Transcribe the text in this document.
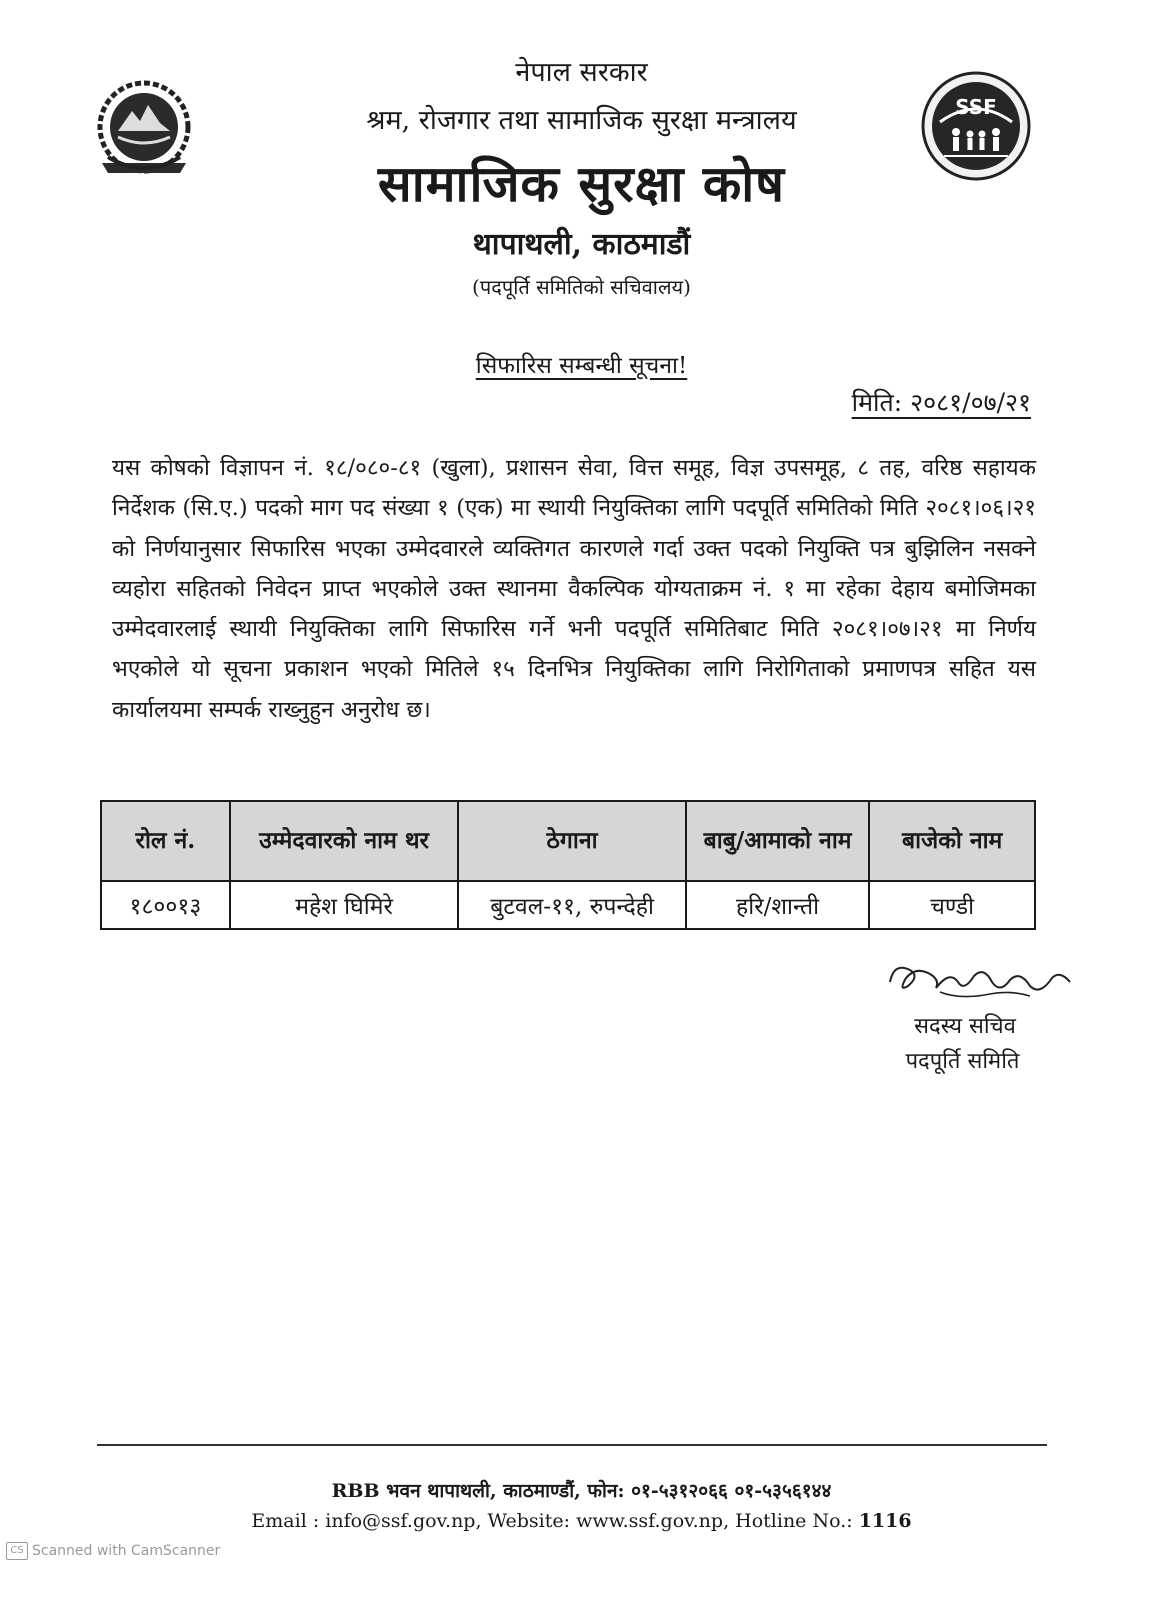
SSF
नेपाल सरकार
श्रम, रोजगार तथा सामाजिक सुरक्षा मन्त्रालय
सामाजिक सुरक्षा कोष
थापाथली, काठमाडौं
(पदपूर्ति समितिको सचिवालय)
सिफारिस सम्बन्धी सूचना!
मिति: २०८१/०७/२१
यस कोषको विज्ञापन नं. १८/०८०-८१ (खुला), प्रशासन सेवा, वित्त समूह, विज्ञ उपसमूह, ८ तह, वरिष्ठ सहायक निर्देशक (सि.ए.) पदको माग पद संख्या १ (एक) मा स्थायी नियुक्तिका लागि पदपूर्ति समितिको मिति २०८१।०६।२१ को निर्णयानुसार सिफारिस भएका उम्मेदवारले व्यक्तिगत कारणले गर्दा उक्त पदको नियुक्ति पत्र बुझिलिन नसक्ने व्यहोरा सहितको निवेदन प्राप्त भएकोले उक्त स्थानमा वैकल्पिक योग्यताक्रम नं. १ मा रहेका देहाय बमोजिमका उम्मेदवारलाई स्थायी नियुक्तिका लागि सिफारिस गर्ने भनी पदपूर्ति समितिबाट मिति २०८१।०७।२१ मा निर्णय भएकोले यो सूचना प्रकाशन भएको मितिले १५ दिनभित्र नियुक्तिका लागि निरोगिताको प्रमाणपत्र सहित यस कार्यालयमा सम्पर्क राख्नुहुन अनुरोध छ।
रोल नं.	उम्मेदवारको नाम थर	ठेगाना	बाबु/आमाको नाम	बाजेको नाम
१८००१३	महेश घिमिरे	बुटवल-११, रुपन्देही	हरि/शान्ती	चण्डी
सदस्य सचिव
पदपूर्ति समिति
RBB भवन थापाथली, काठमाण्डौं, फोन: ०१-५३१२०६६ ०१-५३५६१४४
Email : info@ssf.gov.np, Website: www.ssf.gov.np, Hotline No.: 1116
CS Scanned with CamScanner
